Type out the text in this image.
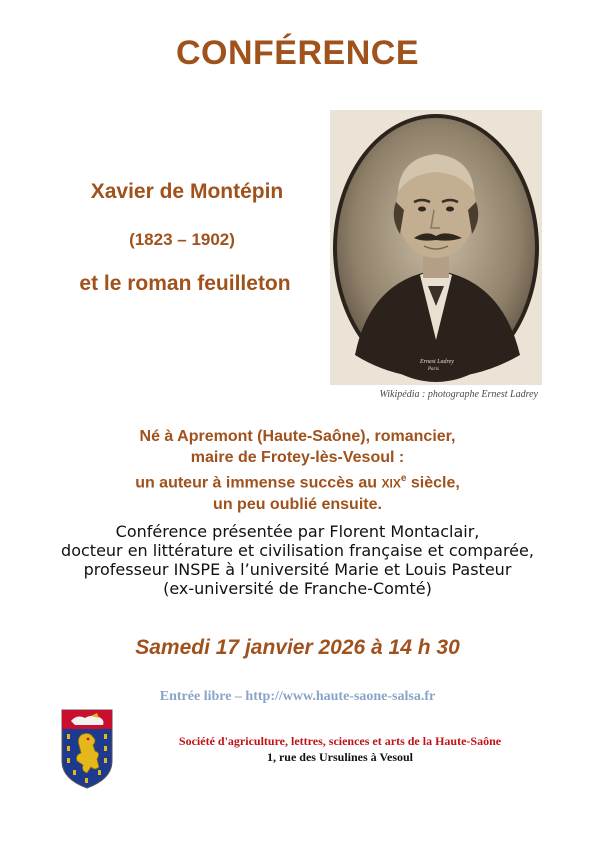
CONFÉRENCE
Xavier de Montépin
(1823 – 1902)
et le roman feuilleton
Ernest Ladrey
Paris
Wikipédia : photographe Ernest Ladrey
Né à Apremont (Haute-Saône), romancier,
maire de Frotey-lès-Vesoul :
un auteur à immense succès au XIXe siècle,
un peu oublié ensuite.
Conférence présentée par Florent Montaclair,
docteur en littérature et civilisation française et comparée,
professeur INSPE à l’université Marie et Louis Pasteur
(ex-université de Franche-Comté)
Samedi 17 janvier 2026 à 14 h 30
Entrée libre – http://www.haute-saone-salsa.fr
Société d'agriculture, lettres, sciences et arts de la Haute-Saône
1, rue des Ursulines à Vesoul
